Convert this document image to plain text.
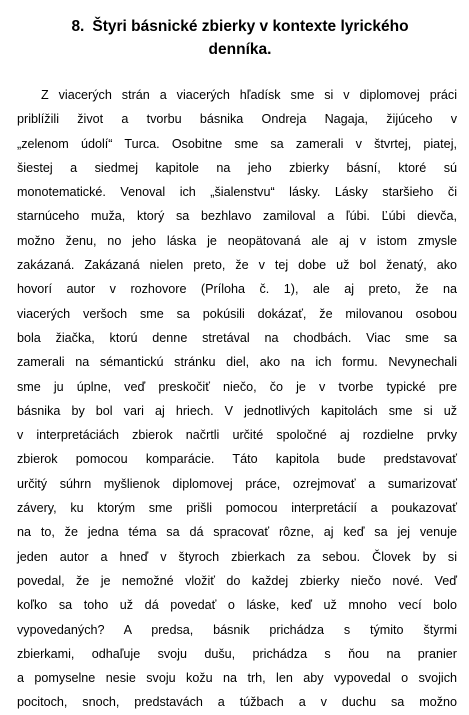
8. Štyri básnické zbierky v kontexte lyrického
denníka.
Z viacerých strán a viacerých hľadísk sme si v diplomovej práci
priblížili život a tvorbu básnika Ondreja Nagaja, žijúceho v
„zelenom údolí“ Turca. Osobitne sme sa zamerali v štvrtej, piatej,
šiestej a siedmej kapitole na jeho zbierky básní, ktoré sú
monotematické. Venoval ich „šialenstvu“ lásky. Lásky staršieho či
starnúceho muža, ktorý sa bezhlavo zamiloval a ľúbi. Ľúbi dievča,
možno ženu, no jeho láska je neopätovaná ale aj v istom zmysle
zakázaná. Zakázaná nielen preto, že v tej dobe už bol ženatý, ako
hovorí autor v rozhovore (Príloha č. 1), ale aj preto, že na
viacerých veršoch sme sa pokúsili dokázať, že milovanou osobou
bola žiačka, ktorú denne stretával na chodbách. Viac sme sa
zamerali na sémantickú stránku diel, ako na ich formu. Nevynechali
sme ju úplne, veď preskočiť niečo, čo je v tvorbe typické pre
básnika by bol vari aj hriech. V jednotlivých kapitolách sme si už
v interpretáciách zbierok načrtli určité spoločné aj rozdielne prvky
zbierok pomocou komparácie. Táto kapitola bude predstavovať
určitý súhrn myšlienok diplomovej práce, ozrejmovať a sumarizovať
závery, ku ktorým sme prišli pomocou interpretácií a poukazovať
na to, že jedna téma sa dá spracovať rôzne, aj keď sa jej venuje
jeden autor a hneď v štyroch zbierkach za sebou. Človek by si
povedal, že je nemožné vložiť do každej zbierky niečo nové. Veď
koľko sa toho už dá povedať o láske, keď už mnoho vecí bolo
vypovedaných? A predsa, básnik prichádza s týmito štyrmi
zbierkami, odhaľuje svoju dušu, prichádza s ňou na pranier
a pomyselne nesie svoju kožu na trh, len aby vypovedal o svojich
pocitoch, snoch, predstavách a túžbach a v duchu sa možno
